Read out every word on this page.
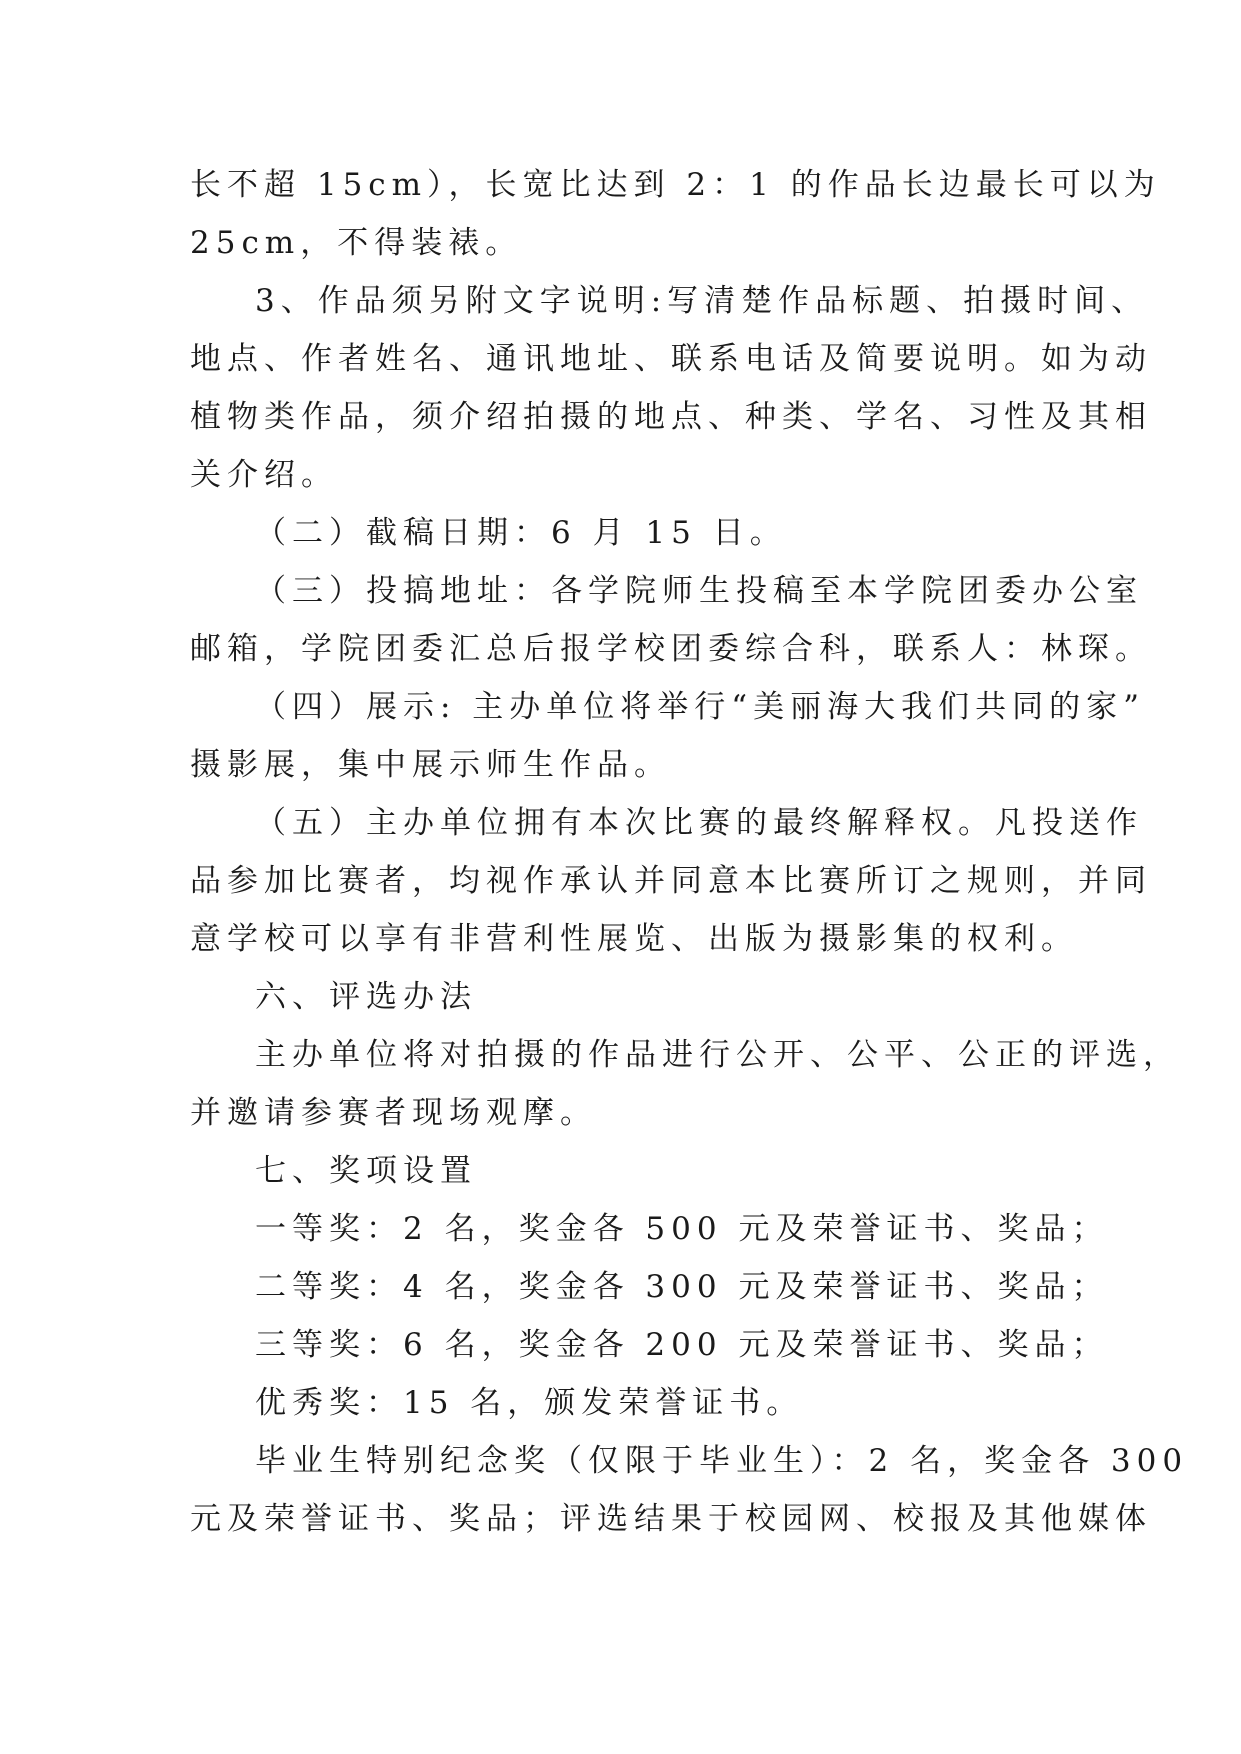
长不超 15cm），长宽比达到 2：1 的作品长边最长可以为
25cm，不得装裱。
3、作品须另附文字说明:写清楚作品标题、拍摄时间、
地点、作者姓名、通讯地址、联系电话及简要说明。如为动
植物类作品，须介绍拍摄的地点、种类、学名、习性及其相
关介绍。
（二）截稿日期：6 月 15 日。
（三）投搞地址：各学院师生投稿至本学院团委办公室
邮箱，学院团委汇总后报学校团委综合科，联系人：林琛。
（四）展示: 主办单位将举行“美丽海大我们共同的家”
摄影展，集中展示师生作品。
（五）主办单位拥有本次比赛的最终解释权。凡投送作
品参加比赛者，均视作承认并同意本比赛所订之规则，并同
意学校可以享有非营利性展览、出版为摄影集的权利。
六、评选办法
主办单位将对拍摄的作品进行公开、公平、公正的评选，
并邀请参赛者现场观摩。
七、奖项设置
一等奖：2 名，奖金各 500 元及荣誉证书、奖品；
二等奖：4 名，奖金各 300 元及荣誉证书、奖品；
三等奖：6 名，奖金各 200 元及荣誉证书、奖品；
优秀奖：15 名，颁发荣誉证书。
毕业生特别纪念奖（仅限于毕业生）：2 名，奖金各 300
元及荣誉证书、奖品；评选结果于校园网、校报及其他媒体
